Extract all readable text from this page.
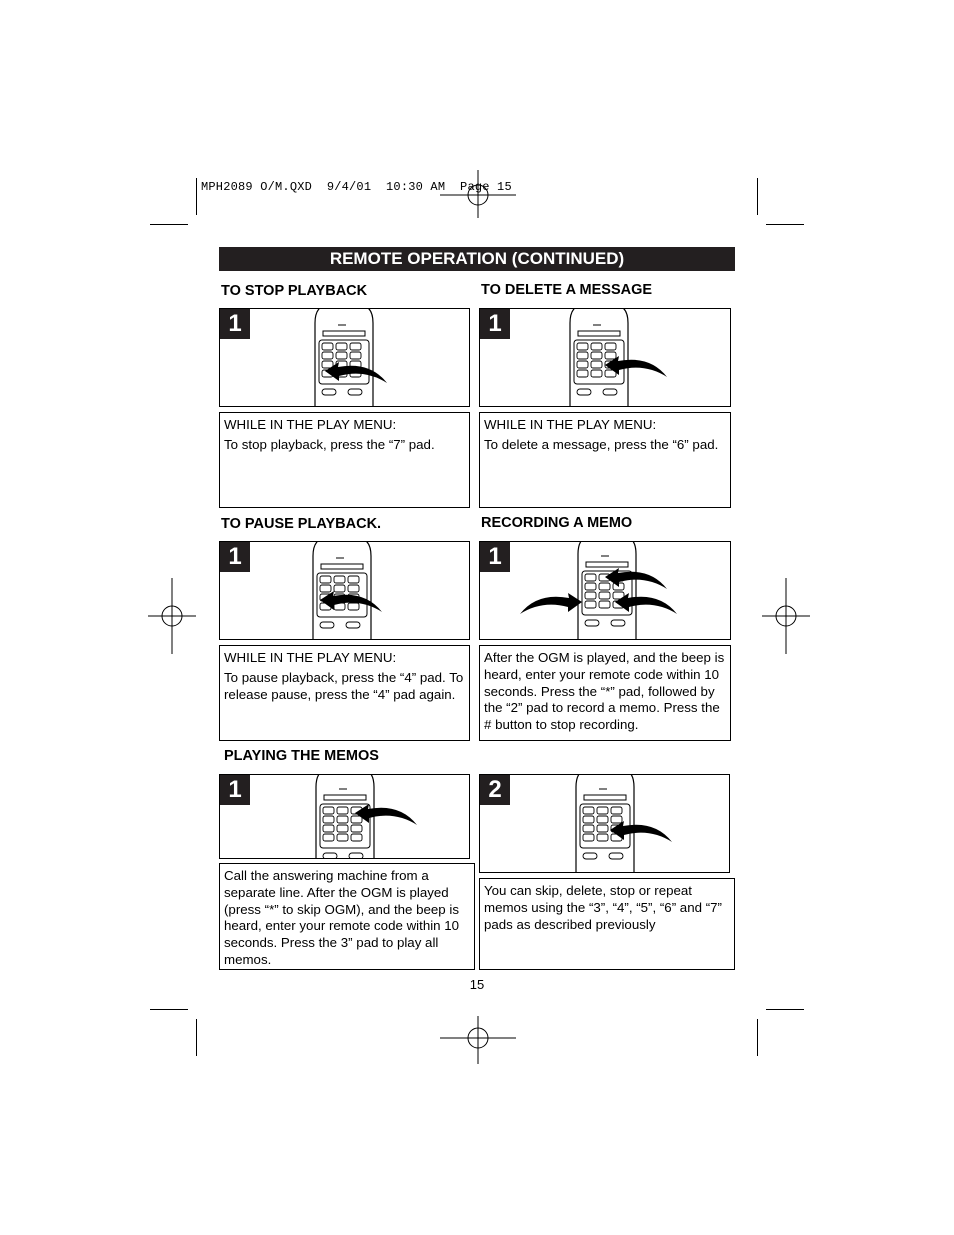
MPH2089 O/M.QXD  9/4/01  10:30 AM  Page 15
REMOTE OPERATION (CONTINUED)
TO STOP PLAYBACK
1

WHILE IN THE PLAY MENU:

To stop playback, press the “7” pad.

TO DELETE A MESSAGE
1

WHILE IN THE PLAY MENU:

To delete a message, press the “6” pad.

TO PAUSE PLAYBACK.
1

WHILE IN THE PLAY MENU:

To pause playback, press the “4” pad. To release pause, press the “4” pad again.

RECORDING A MEMO
1

After the OGM is played, and the beep is heard, enter your remote code within 10 seconds. Press the “*” pad, followed by the “2” pad to record a memo. Press the # button to stop recording.

PLAYING THE MEMOS
1

Call the answering machine from a separate line. After the OGM is played (press “*” to skip OGM), and the beep is heard, enter your remote code within 10 seconds. Press the 3” pad to play all memos.

2

You can skip, delete, stop or repeat memos using the “3”, “4”, “5”, “6” and “7” pads as described previously

15
